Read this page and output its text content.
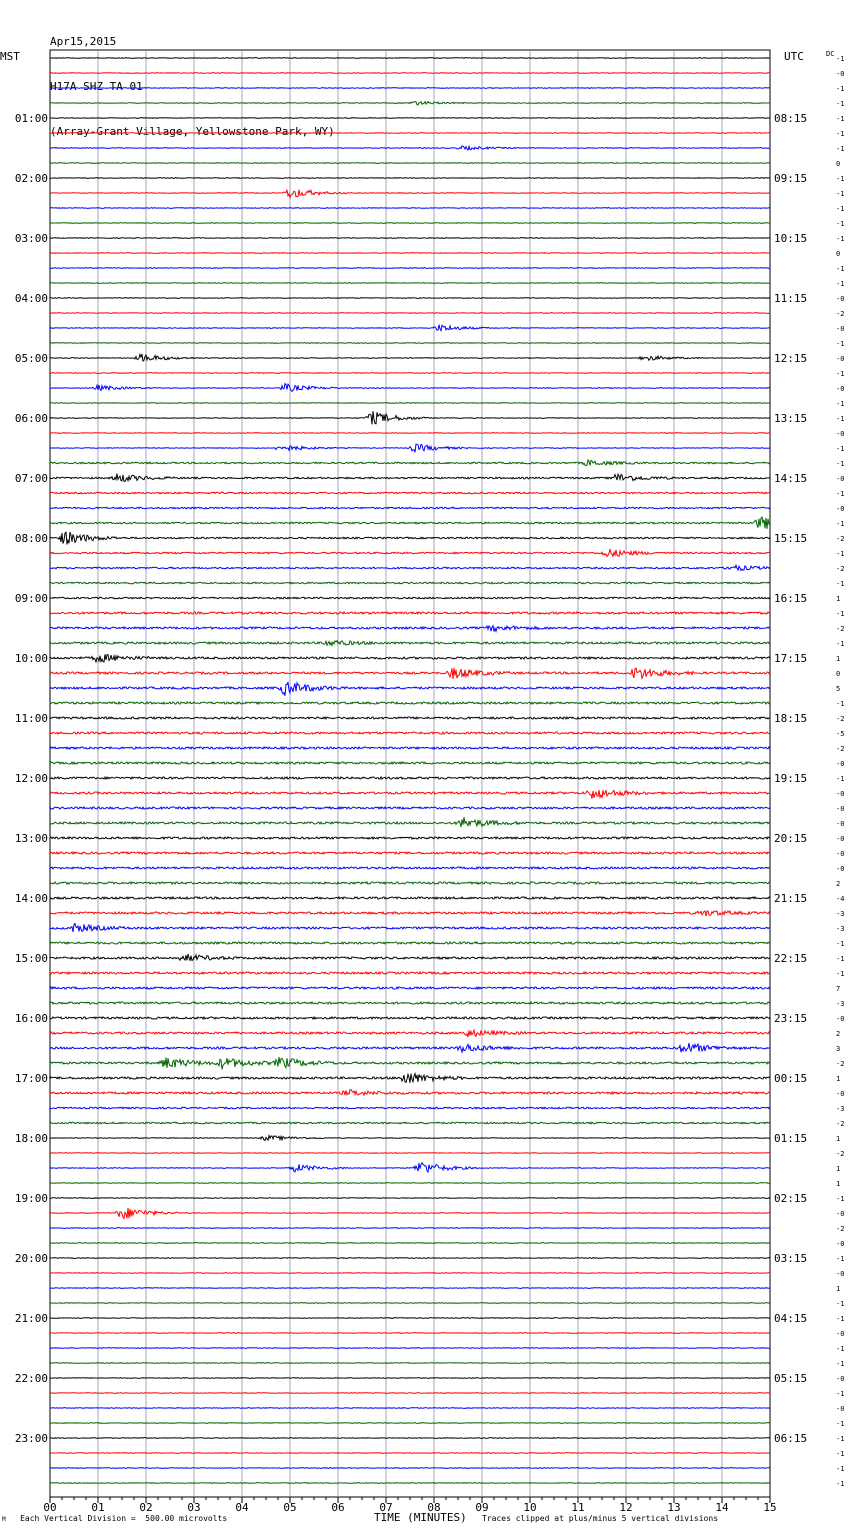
Apr15,2015

H17A SHZ TA 01

(Array-Grant Village, Yellowstone Park, WY)

MST	UTC	DC
00	01	02	03	04	05	06	07	08	09	10	11	12	13	14	15
-1
-0
-1
-1
-1
-1
-1
0
-1
-1
-1
-1
-1
0
-1
-1
-0
-2
-0
-1
-0
-1
-0
-1
-1
-0
-1
-1
-0
-1
-0
-1
-2
-1
-2
-1
1
-1
-2
-1
1
0
5
-1
-2
-5
-2
-0
-1
-0
-0
-0
-0
-0
-0
2
-4
-3
-3
-1
-1
-1
7
-3
-0
2
3
-2
1
-0
-3
-2
1
-2
1
1
-1
-0
-2
-0
-1
-0
1
-1
-1
-0
-1
-1
-0
-1
-0
-1
-1
-1
-1
-1
01:00	08:15
02:00	09:15
03:00	10:15
04:00	11:15
05:00	12:15
06:00	13:15
07:00	14:15
08:00	15:15
09:00	16:15
10:00	17:15
11:00	18:15
12:00	19:15
13:00	20:15
14:00	21:15
15:00	22:15
16:00	23:15
17:00	00:15
18:00	01:15
19:00	02:15
20:00	03:15
21:00	04:15
22:00	05:15
23:00	06:15
M Each Vertical Division =  500.00 microvolts	TIME (MINUTES) Traces clipped at plus/minus 5 vertical divisions
